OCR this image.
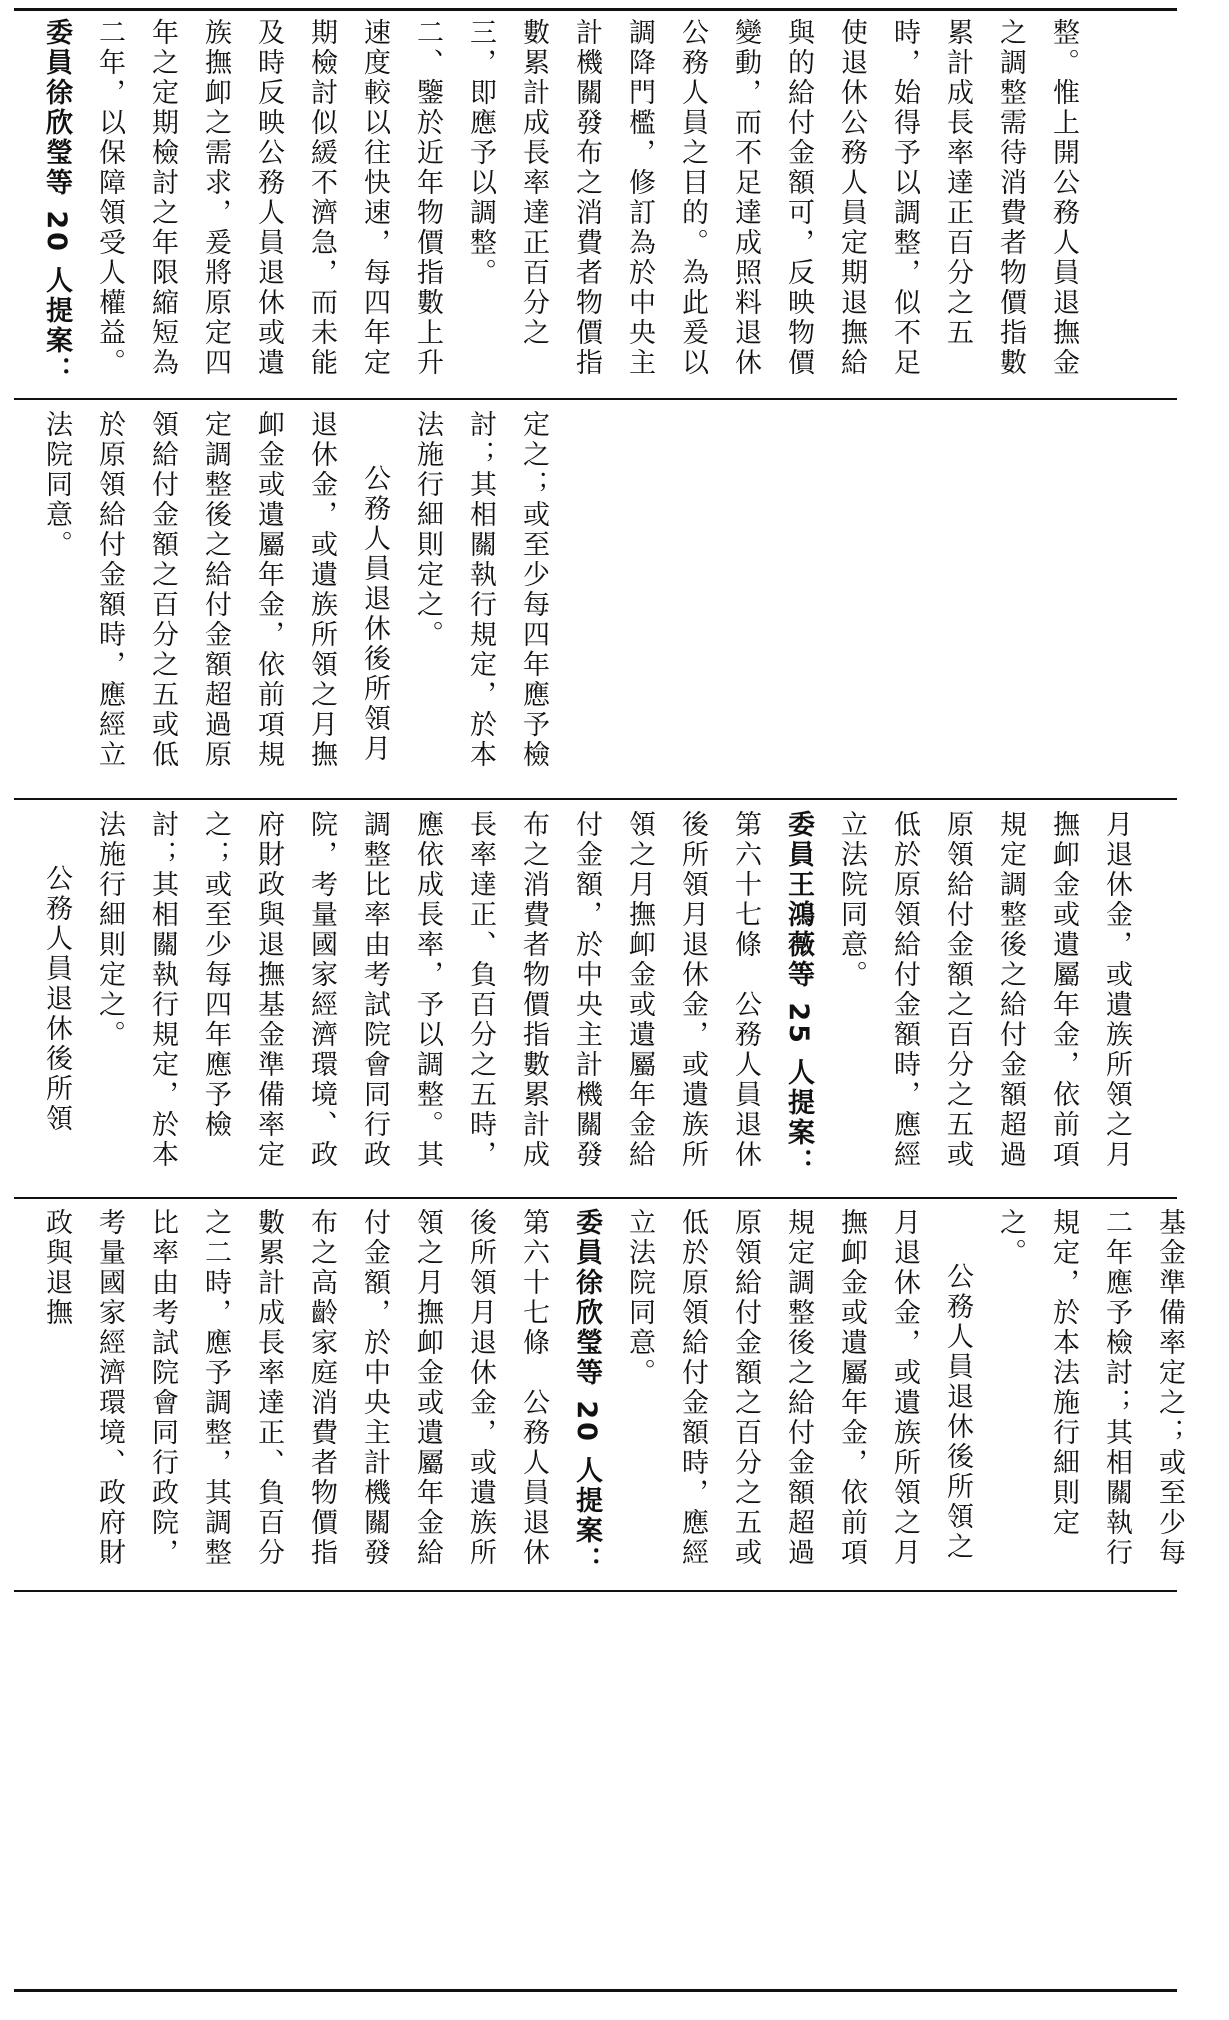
整。惟上開公務人員退撫金之調整需待消費者物價指數累計成長率達正百分之五時，始得予以調整，似不足使退休公務人員定期退撫給與的給付金額可，反映物價變動，而不足達成照料退休公務人員之目的。為此爰以調降門檻，修訂為於中央主計機關發布之消費者物價指數累計成長率達正百分之三，即應予以調整。

二、鑒於近年物價指數上升速度較以往快速，每四年定期檢討似緩不濟急，而未能及時反映公務人員退休或遺族撫卹之需求，爰將原定四年之定期檢討之年限縮短為二年，以保障領受人權益。

委員徐欣瑩等 20 人提案：

定之；或至少每四年應予檢討；其相關執行規定，於本法施行細則定之。

公務人員退休後所領月退休金，或遺族所領之月撫卹金或遺屬年金，依前項規定調整後之給付金額超過原領給付金額之百分之五或低於原領給付金額時，應經立法院同意。

月退休金，或遺族所領之月撫卹金或遺屬年金，依前項規定調整後之給付金額超過原領給付金額之百分之五或低於原領給付金額時，應經立法院同意。

委員王鴻薇等 25 人提案：

第六十七條　公務人員退休後所領月退休金，或遺族所領之月撫卹金或遺屬年金給付金額，於中央主計機關發布之消費者物價指數累計成長率達正、負百分之五時，應依成長率，予以調整。其調整比率由考試院會同行政院，考量國家經濟環境、政府財政與退撫基金準備率定之；或至少每四年應予檢討；其相關執行規定，於本法施行細則定之。

公務人員退休後所領

基金準備率定之；或至少每二年應予檢討；其相關執行規定，於本法施行細則定之。

公務人員退休後所領之月退休金，或遺族所領之月撫卹金或遺屬年金，依前項規定調整後之給付金額超過原領給付金額之百分之五或低於原領給付金額時，應經立法院同意。

委員徐欣瑩等 20 人提案：

第六十七條　公務人員退休後所領月退休金，或遺族所領之月撫卹金或遺屬年金給付金額，於中央主計機關發布之高齡家庭消費者物價指數累計成長率達正、負百分之二時，應予調整，其調整比率由考試院會同行政院，考量國家經濟環境、政府財政與退撫
